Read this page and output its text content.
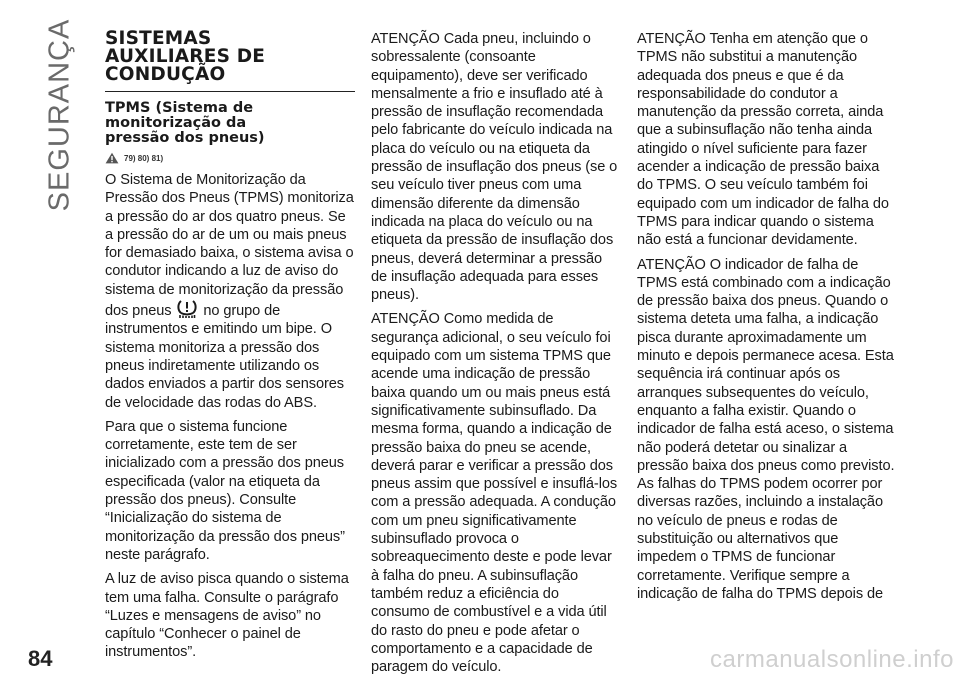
SEGURANÇA SISTEMAS
AUXILIARES DE
CONDUÇÃO
TPMS (Sistema de
monitorização da
pressão dos pneus)
79) 80) 81)

O Sistema de Monitorização da Pressão dos Pneus (TPMS) monitoriza a pressão do ar dos quatro pneus. Se a pressão do ar de um ou mais pneus for demasiado baixa, o sistema avisa o condutor indicando a luz de aviso do sistema de monitorização da pressão dos pneus no grupo de instrumentos e emitindo um bipe. O sistema monitoriza a pressão dos pneus indiretamente utilizando os dados enviados a partir dos sensores de velocidade das rodas do ABS.

Para que o sistema funcione corretamente, este tem de ser inicializado com a pressão dos pneus especificada (valor na etiqueta da pressão dos pneus). Consulte “Inicialização do sistema de monitorização da pressão dos pneus” neste parágrafo.

A luz de aviso pisca quando o sistema tem uma falha. Consulte o parágrafo “Luzes e mensagens de aviso” no capítulo “Conhecer o painel de instrumentos”.

ATENÇÃO Cada pneu, incluindo o sobressalente (consoante equipamento), deve ser verificado mensalmente a frio e insuflado até à pressão de insuflação recomendada pelo fabricante do veículo indicada na placa do veículo ou na etiqueta da pressão de insuflação dos pneus (se o seu veículo tiver pneus com uma dimensão diferente da dimensão indicada na placa do veículo ou na etiqueta da pressão de insuflação dos pneus, deverá determinar a pressão de insuflação adequada para esses pneus).

ATENÇÃO Como medida de segurança adicional, o seu veículo foi equipado com um sistema TPMS que acende uma indicação de pressão baixa quando um ou mais pneus está significativamente subinsuflado. Da mesma forma, quando a indicação de pressão baixa do pneu se acende, deverá parar e verificar a pressão dos pneus assim que possível e insuflá-los com a pressão adequada. A condução com um pneu significativamente subinsuflado provoca o sobreaquecimento deste e pode levar à falha do pneu. A subinsuflação também reduz a eficiência do consumo de combustível e a vida útil do rasto do pneu e pode afetar o comportamento e a capacidade de paragem do veículo.

ATENÇÃO Tenha em atenção que o TPMS não substitui a manutenção adequada dos pneus e que é da responsabilidade do condutor a manutenção da pressão correta, ainda que a subinsuflação não tenha ainda atingido o nível suficiente para fazer acender a indicação de pressão baixa do TPMS. O seu veículo também foi equipado com um indicador de falha do TPMS para indicar quando o sistema não está a funcionar devidamente.

ATENÇÃO O indicador de falha de TPMS está combinado com a indicação de pressão baixa dos pneus. Quando o sistema deteta uma falha, a indicação pisca durante aproximadamente um minuto e depois permanece acesa. Esta sequência irá continuar após os arranques subsequentes do veículo, enquanto a falha existir. Quando o indicador de falha está aceso, o sistema não poderá detetar ou sinalizar a pressão baixa dos pneus como previsto. As falhas do TPMS podem ocorrer por diversas razões, incluindo a instalação no veículo de pneus e rodas de substituição ou alternativos que impedem o TPMS de funcionar corretamente. Verifique sempre a indicação de falha do TPMS depois de

84	carmanualsonline.info
